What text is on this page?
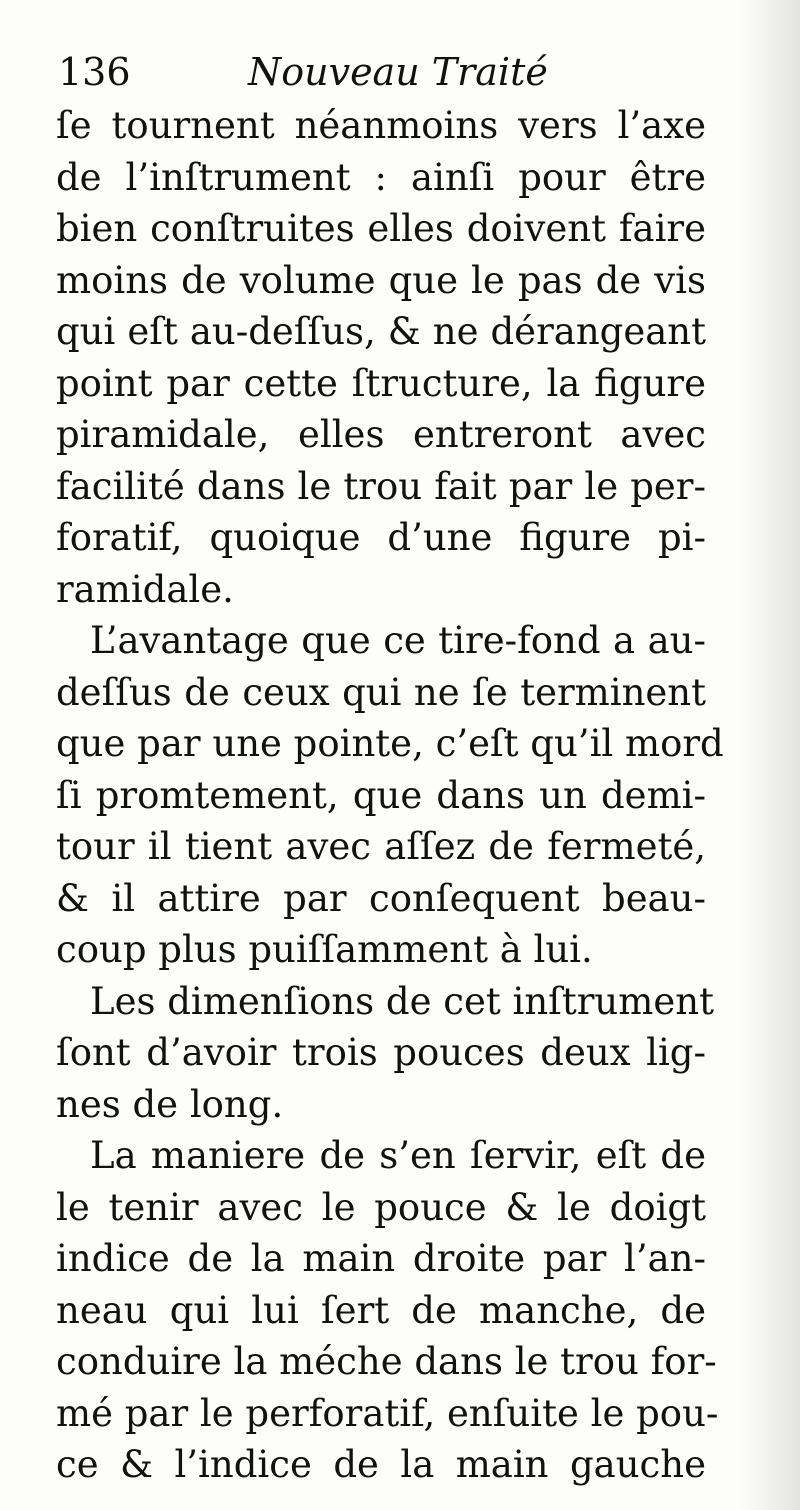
136	Nouveau Traité
ſe tournent néanmoins vers l’axe
de l’inſtrument : ainſi pour être
bien conſtruites elles doivent faire
moins de volume que le pas de vis
qui eſt au-deſſus, & ne dérangeant
point par cette ſtructure, la figure
piramidale, elles entreront avec
facilité dans le trou fait par le per-
foratif, quoique d’une figure pi-
ramidale.
L’avantage que ce tire-fond a au-
deſſus de ceux qui ne ſe terminent
que par une pointe, c’eſt qu’il mord
ſi promtement, que dans un demi-
tour il tient avec aſſez de fermeté,
& il attire par conſequent beau-
coup plus puiſſamment à lui.
Les dimenſions de cet inſtrument
ſont d’avoir trois pouces deux lig-
nes de long.
La maniere de s’en ſervir, eſt de
le tenir avec le pouce & le doigt
indice de la main droite par l’an-
neau qui lui ſert de manche, de
conduire la méche dans le trou for-
mé par le perforatif, enſuite le pou-
ce & l’indice de la main gauche
